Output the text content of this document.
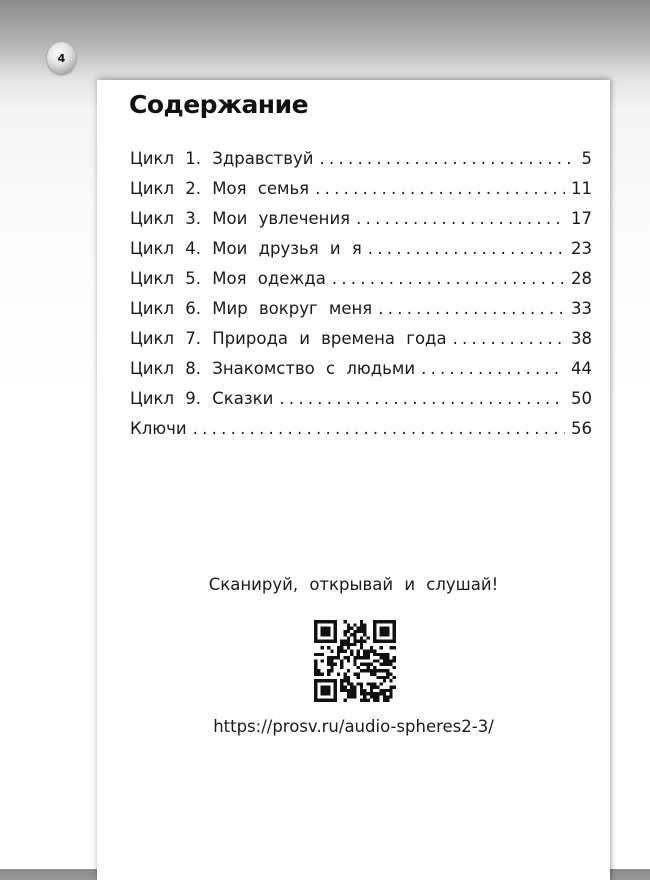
4
Содержание
Цикл 1. Здравствуй . . .	5
Цикл 2. Моя семья . . .	11
Цикл 3. Мои увлечения . . .	17
Цикл 4. Мои друзья и я . . .	23
Цикл 5. Моя одежда . . .	28
Цикл 6. Мир вокруг меня . . .	33
Цикл 7. Природа и времена года . . .	38
Цикл 8. Знакомство с людьми . . .	44
Цикл 9. Сказки . . .	50
Ключи . . .	56
Сканируй, открывай и слушай!
https://prosv.ru/audio-spheres2-3/
